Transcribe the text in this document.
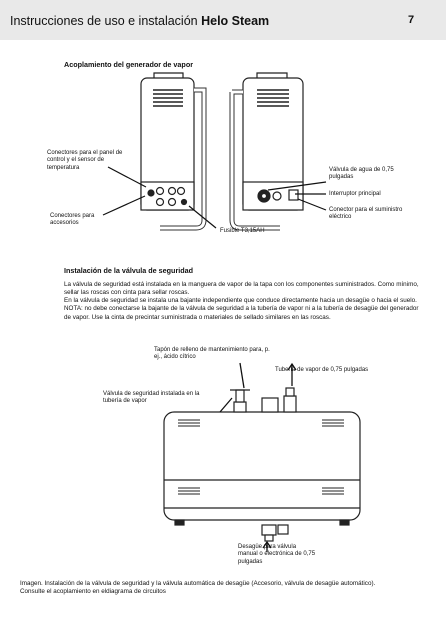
Instrucciones de uso e instalación Helo Steam	7
Acoplamiento del generador de vapor
Conectores para el panel de control y el sensor de temperatura
Conectores para accesorios
Fusible T3,15AH
Válvula de agua de 0,75 pulgadas
Interruptor principal
Conector para el suministro eléctrico
Instalación de la válvula de seguridad
La válvula de seguridad está instalada en la manguera de vapor de la tapa con los componentes suministrados. Como mínimo, sellar las roscas con cinta para sellar roscas.
En la válvula de seguridad se instala una bajante independiente que conduce directamente hacia un desagüe o hacia el suelo. NOTA: no debe conectarse la bajante de la válvula de seguridad a la tubería de vapor ni a la tubería de desagüe del generador de vapor. Use la cinta de precintar suministrada o materiales de sellado similares en las roscas.
Tapón de relleno de mantenimiento para, p. ej., ácido cítrico
Tubería de vapor de 0,75 pulgadas
Válvula de seguridad instalada en la tubería de vapor
Desagüe para válvula manual o electrónica de 0,75 pulgadas
Imagen. Instalación de la válvula de seguridad y la válvula automática de desagüe (Accesorio, válvula de desagüe automático). Consulte el acoplamiento en eldiagrama de circuitos
